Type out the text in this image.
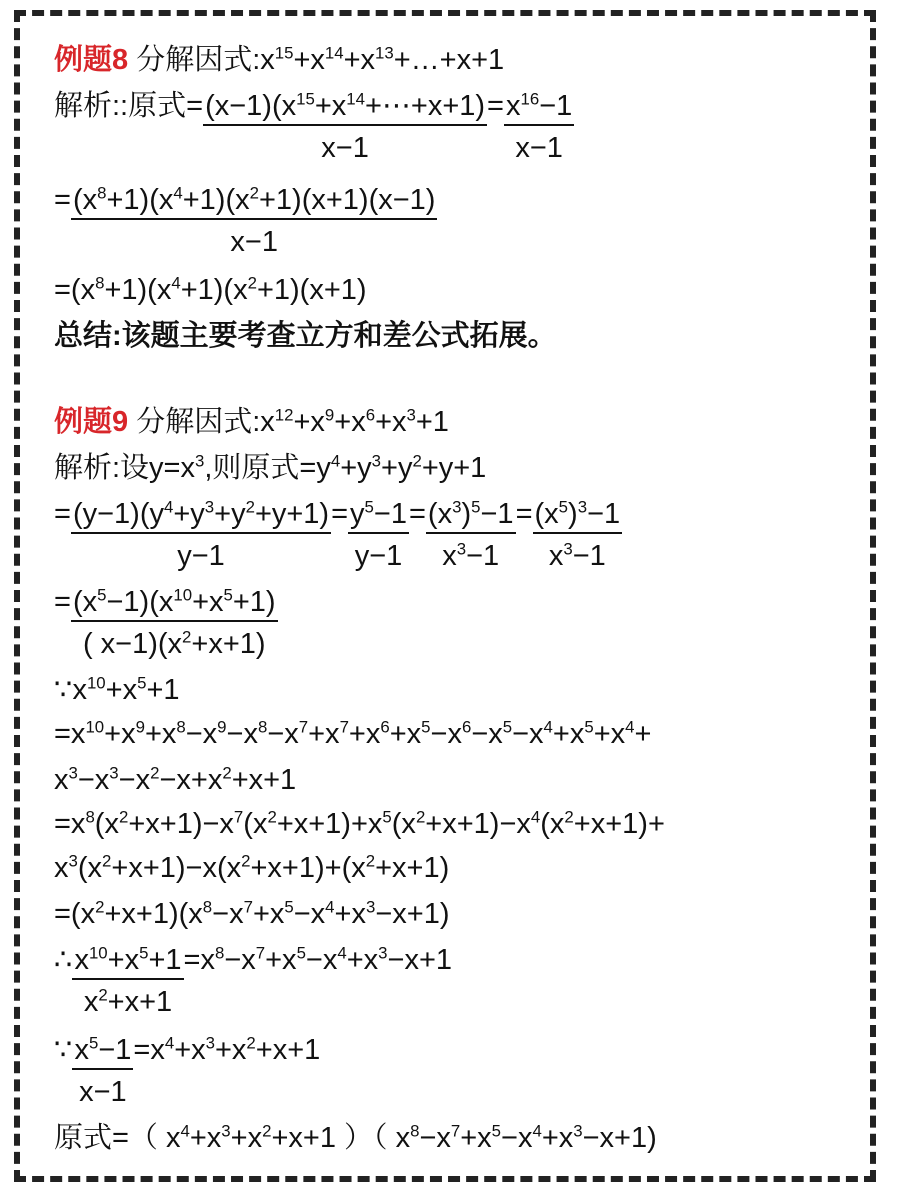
例题8 分解因式$:x^{15}+x^{14}+x^{13}+\dots+x+1$
解析::原式= $\frac{(x-1)(x^{15}+x^{14}+\cdots+x+1)}{x-1} = \frac{x^{16}-1}{x-1}$
= $\frac{(x^8+1)(x^4+1)(x^2+1)(x+1)(x-1)}{x-1}$
$=(x^8+1)(x^4+1)(x^2+1)(x+1)$
总结:该题主要考查立方和差公式拓展。
例题9 分解因式$:x^{12}+x^9+x^6+x^3+1$
解析:设$y=x^3$,则原式$=y^4+y^3+y^2+y+1$
= $\frac{(y-1)(y^4+y^3+y^2+y+1)}{y-1} = \frac{y^5-1}{y-1} = \frac{(x^3)^5-1}{x^3-1} = \frac{(x^5)^3-1}{x^3-1}$
= $\frac{(x^5-1)(x^{10}+x^5+1)}{( x-1)(x^2+x+1)}$
$\because x^{10}+x^5+1$
$=x^{10}+x^9+x^8-x^9-x^8-x^7+x^7+x^6+x^5-x^6-x^5-x^4+x^5+x^4+$
$x^3-x^3-x^2-x+x^2+x+1$
$=x^8(x^2+x+1)-x^7(x^2+x+1)+x^5(x^2+x+1)-x^4(x^2+x+1)+$
$x^3(x^2+x+1)-x(x^2+x+1)+(x^2+x+1)$
$=(x^2+x+1)(x^8-x^7+x^5-x^4+x^3-x+1)$
∴ $\frac{x^{10}+x^5+1}{x^2+x+1} =x^8-x^7+x^5-x^4+x^3-x+1$
∵ $\frac{x^5-1}{x-1} =x^4+x^3+x^2+x+1$
原式=（ $x^4+x^3+x^2+x+1$ ）（ $x^8-x^7+x^5-x^4+x^3-x+1$)
